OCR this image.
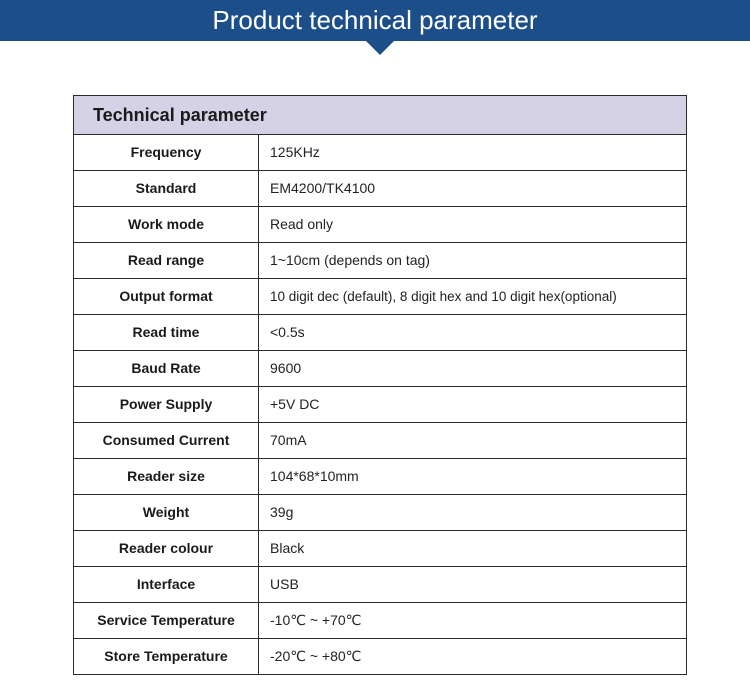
Product technical parameter
Technical parameter
Frequency	125KHz
Standard	EM4200/TK4100
Work mode	Read only
Read range	1~10cm (depends on tag)
Output format	10 digit dec (default), 8 digit hex and 10 digit hex(optional)
Read time	<0.5s
Baud Rate	9600
Power Supply	+5V DC
Consumed Current	70mA
Reader size	104*68*10mm
Weight	39g
Reader colour	Black
Interface	USB
Service Temperature	-10℃ ~ +70℃
Store Temperature	-20℃ ~ +80℃
